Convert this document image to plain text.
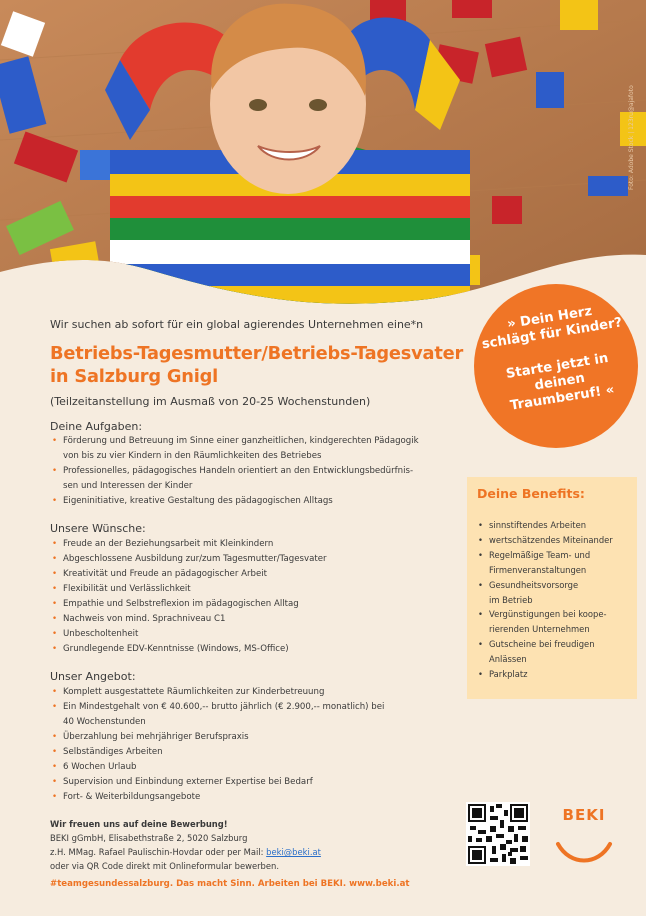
Foto: Adobe Stock | 123ru@ajafoto
» Dein Herz schlägt für Kinder?
Starte jetzt in deinen Traumberuf! «
Wir suchen ab sofort für ein global agierendes Unternehmen eine*n
Betriebs-Tagesmutter/Betriebs-Tagesvater
in Salzburg Gnigl
(Teilzeitanstellung im Ausmaß von 20-25 Wochenstunden)
Deine Aufgaben:
• Förderung und Betreuung im Sinne einer ganzheitlichen, kindgerechten Pädagogik
von bis zu vier Kindern in den Räumlichkeiten des Betriebes
• Professionelles, pädagogisches Handeln orientiert an den Entwicklungsbedürfnis-
sen und Interessen der Kinder
• Eigeninitiative, kreative Gestaltung des pädagogischen Alltags
Unsere Wünsche:
• Freude an der Beziehungsarbeit mit Kleinkindern
• Abgeschlossene Ausbildung zur/zum Tagesmutter/Tagesvater
• Kreativität und Freude an pädagogischer Arbeit
• Flexibilität und Verlässlichkeit
• Empathie und Selbstreflexion im pädagogischen Alltag
• Nachweis von mind. Sprachniveau C1
• Unbescholtenheit
• Grundlegende EDV-Kenntnisse (Windows, MS-Office)
Unser Angebot:
• Komplett ausgestattete Räumlichkeiten zur Kinderbetreuung
• Ein Mindestgehalt von € 40.600,-- brutto jährlich (€ 2.900,-- monatlich) bei
40 Wochenstunden
• Überzahlung bei mehrjähriger Berufspraxis
• Selbständiges Arbeiten
• 6 Wochen Urlaub
• Supervision und Einbindung externer Expertise bei Bedarf
• Fort- & Weiterbildungsangebote
Deine Benefits:
• sinnstiftendes Arbeiten
• wertschätzendes Miteinander
• Regelmäßige Team- und
Firmenveranstaltungen
• Gesundheitsvorsorge
im Betrieb
• Vergünstigungen bei koope-
rierenden Unternehmen
• Gutscheine bei freudigen
Anlässen
• Parkplatz
Wir freuen uns auf deine Bewerbung!
BEKI gGmbH, Elisabethstraße 2, 5020 Salzburg
z.H. MMag. Rafael Paulischin-Hovdar oder per Mail: beki@beki.at
oder via QR Code direkt mit Onlineformular bewerben.
#teamgesundessalzburg. Das macht Sinn. Arbeiten bei BEKI. www.beki.at
BEKI
